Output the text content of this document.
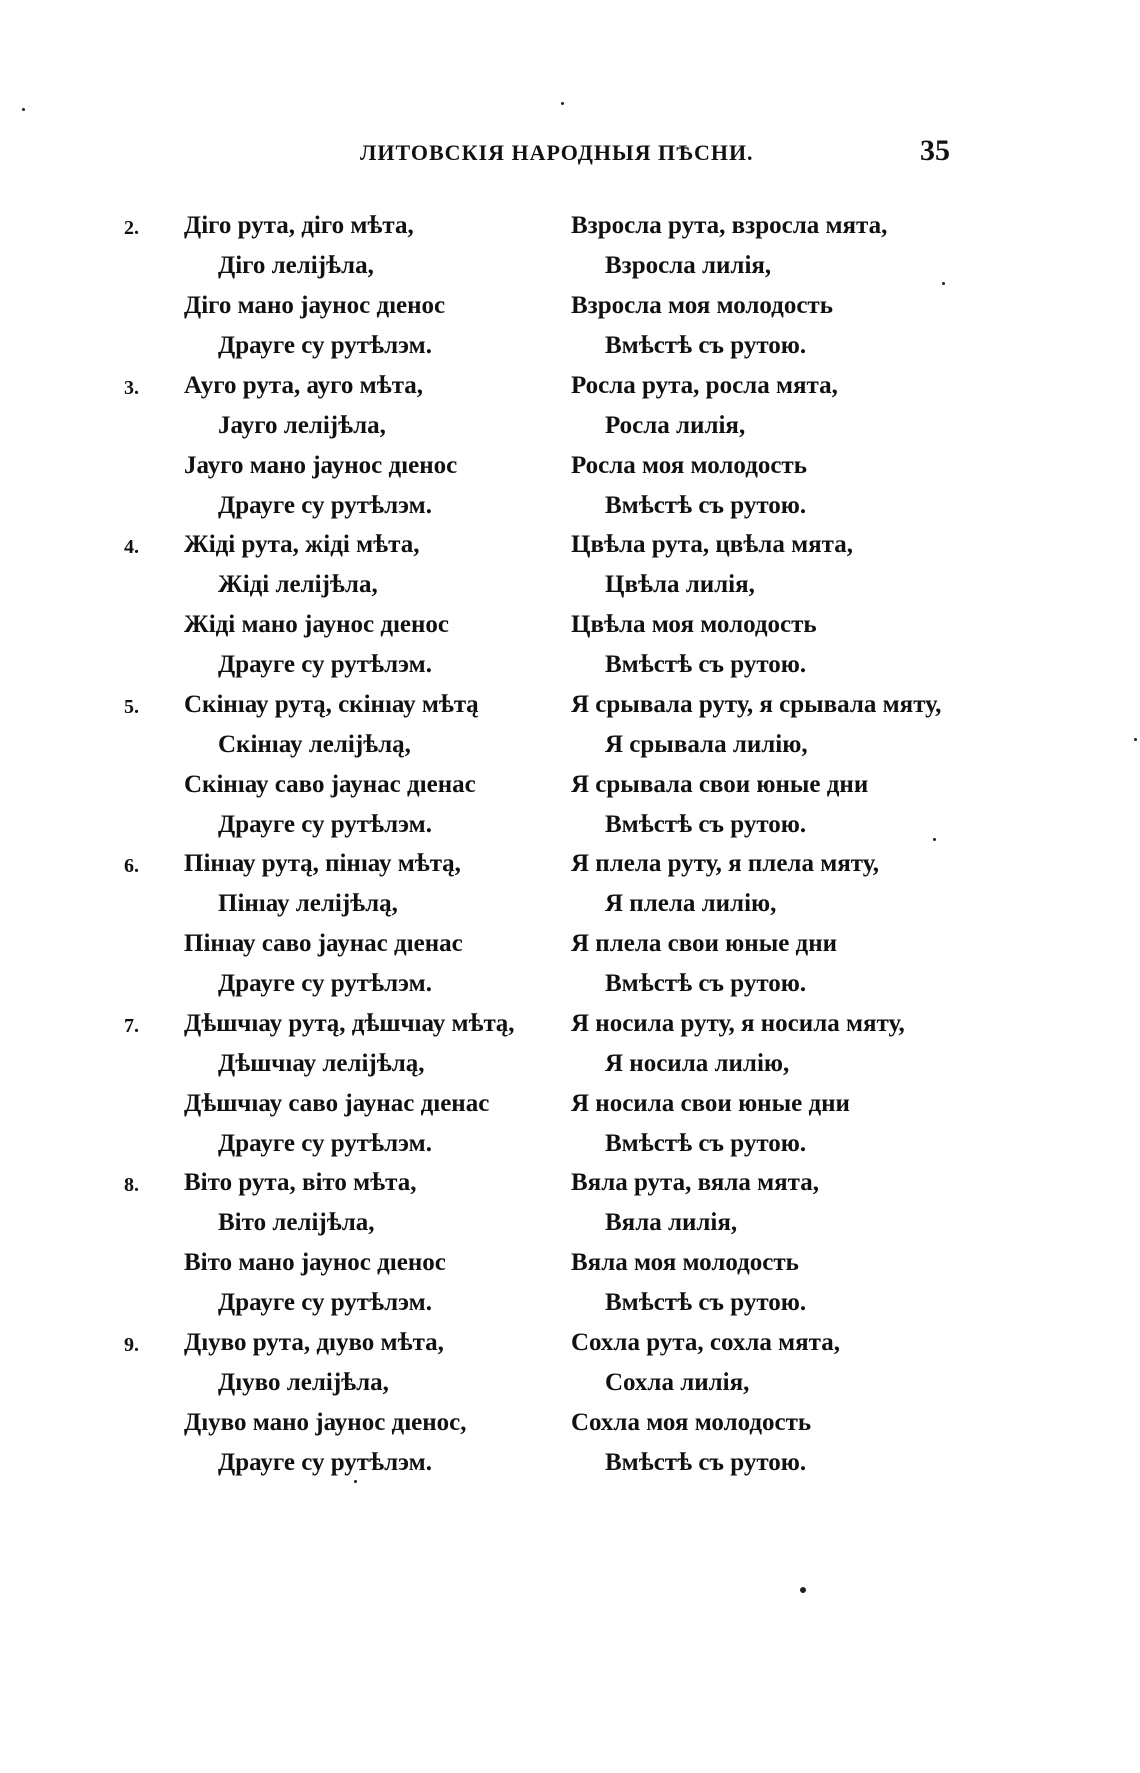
ЛИТОВСКІЯ НАРОДНЫЯ ПѢСНИ.	35
2. Дiго рута, дiго мѣта,
Дiго лелiјѣла,
Дiго мано јаунос дıенос
Драуге су рутѣлэм.
Взросла рута, взросла мята,
Взросла лилія,
Взросла моя молодость
Вмѣстѣ съ рутою.
3. Ауго рута, ауго мѣта,
Јауго лелiјѣла,
Јауго мано јаунос дıенос
Драуге су рутѣлэм.
Росла рута, росла мята,
Росла лилія,
Росла моя молодость
Вмѣстѣ съ рутою.
4. Жiдi рута, жiдi мѣта,
Жiдi лелiјѣла,
Жiдi мано јаунос дıенос
Драуге су рутѣлэм.
Цвѣла рута, цвѣла мята,
Цвѣла лилія,
Цвѣла моя молодость
Вмѣстѣ съ рутою.
5. Скiнıау рутą, скiнıау мѣтą
Скiнıау лелiјѣлą,
Скiнıау саво јаунас дıенас
Драуге су рутѣлэм.
Я срывала руту, я срывала мяту,
Я срывала лилію,
Я срывала свои юные дни
Вмѣстѣ съ рутою.
6. Пiнıау рутą, пiнıау мѣтą,
Пiнıау лелiјѣлą,
Пiнıау саво јаунас дıенас
Драуге су рутѣлэм.
Я плела руту, я плела мяту,
Я плела лилію,
Я плела свои юные дни
Вмѣстѣ съ рутою.
7. Дѣшчıау рутą, дѣшчıау мѣтą,
Дѣшчıау лелiјѣлą,
Дѣшчıау саво јаунас дıенас
Драуге су рутѣлэм.
Я носила руту, я носила мяту,
Я носила лилію,
Я носила свои юные дни
Вмѣстѣ съ рутою.
8. Вiто рута, вiто мѣта,
Вiто лелiјѣла,
Вiто мано јаунос дıенос
Драуге су рутѣлэм.
Вяла рута, вяла мята,
Вяла лилія,
Вяла моя молодость
Вмѣстѣ съ рутою.
9. Дıуво рута, дıуво мѣта,
Дıуво лелiјѣла,
Дıуво мано јаунос дıенос,
Драуге су рутѣлэм.
Сохла рута, сохла мята,
Сохла лилія,
Сохла моя молодость
Вмѣстѣ съ рутою.
